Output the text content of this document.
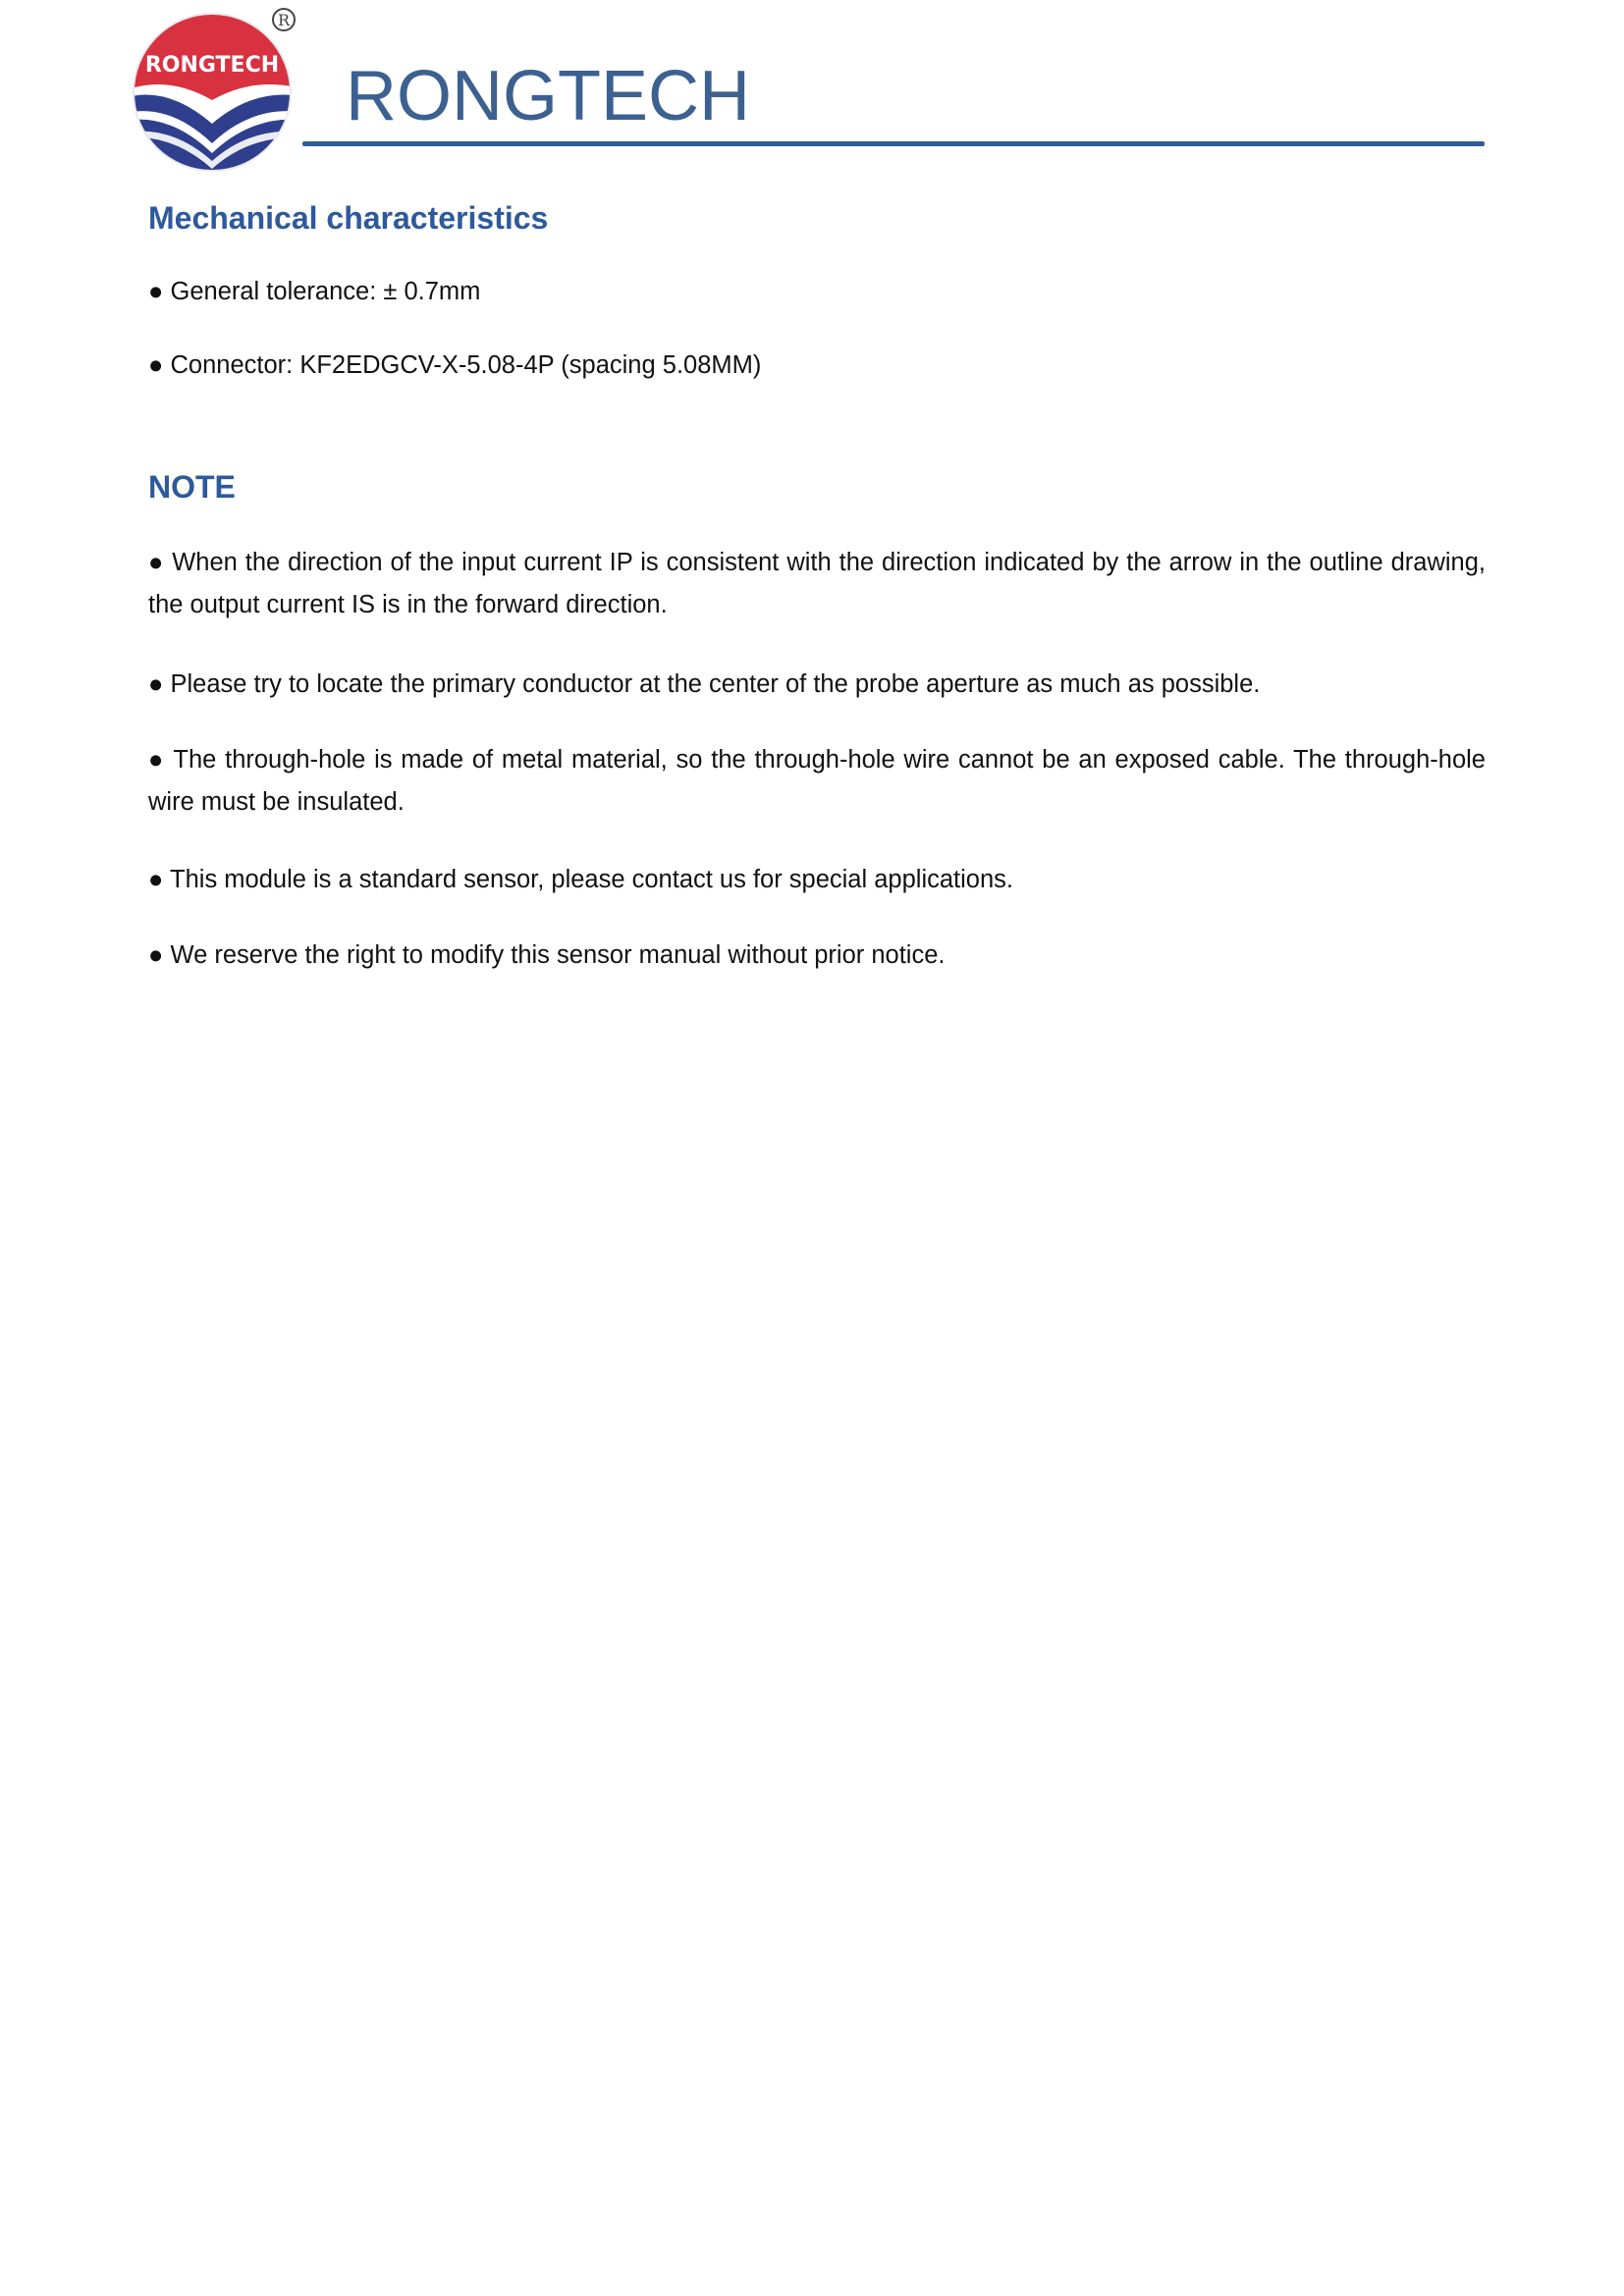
RONGTECH
R
RONGTECH
Mechanical characteristics

● General tolerance: ± 0.7mm

● Connector: KF2EDGCV-X-5.08-4P (spacing 5.08MM)

NOTE

● When the direction of the input current IP is consistent with the direction indicated by the arrow in the outline drawing, the output current IS is in the forward direction.

● Please try to locate the primary conductor at the center of the probe aperture as much as possible.

● The through-hole is made of metal material, so the through-hole wire cannot be an exposed cable. The through-hole wire must be insulated.

● This module is a standard sensor, please contact us for special applications.

● We reserve the right to modify this sensor manual without prior notice.
